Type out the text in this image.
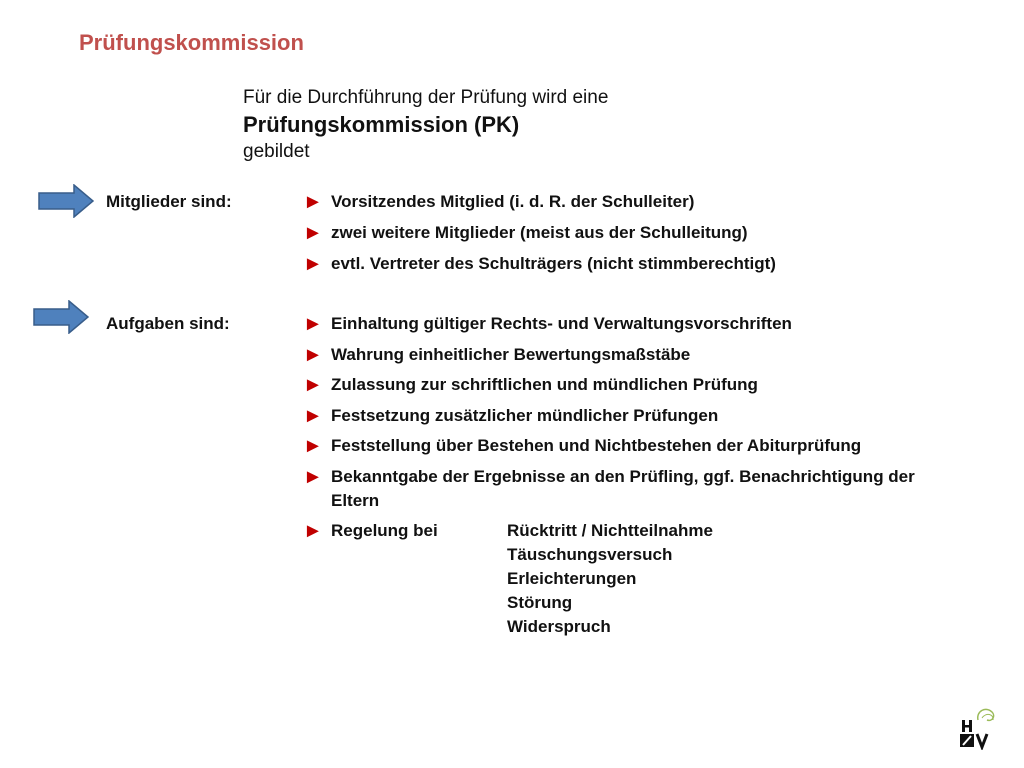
Prüfungskommission
Für die Durchführung der Prüfung wird eine
Prüfungskommission (PK)
gebildet
Mitglieder sind:	► Vorsitzendes Mitglied (i. d. R. der Schulleiter)
► zwei weitere Mitglieder (meist aus der Schulleitung)
► evtl. Vertreter des Schulträgers (nicht stimmberechtigt)
Aufgaben sind:	► Einhaltung gültiger Rechts- und Verwaltungsvorschriften
► Wahrung einheitlicher Bewertungsmaßstäbe
► Zulassung zur schriftlichen und mündlichen Prüfung
► Festsetzung zusätzlicher mündlicher Prüfungen
► Feststellung über Bestehen und Nichtbestehen der Abiturprüfung
► Bekanntgabe der Ergebnisse an den Prüfling, ggf. Benachrichtigung der Eltern
► Regelung bei	Rücktritt / Nichtteilnahme
Täuschungsversuch
Erleichterungen
Störung
Widerspruch
